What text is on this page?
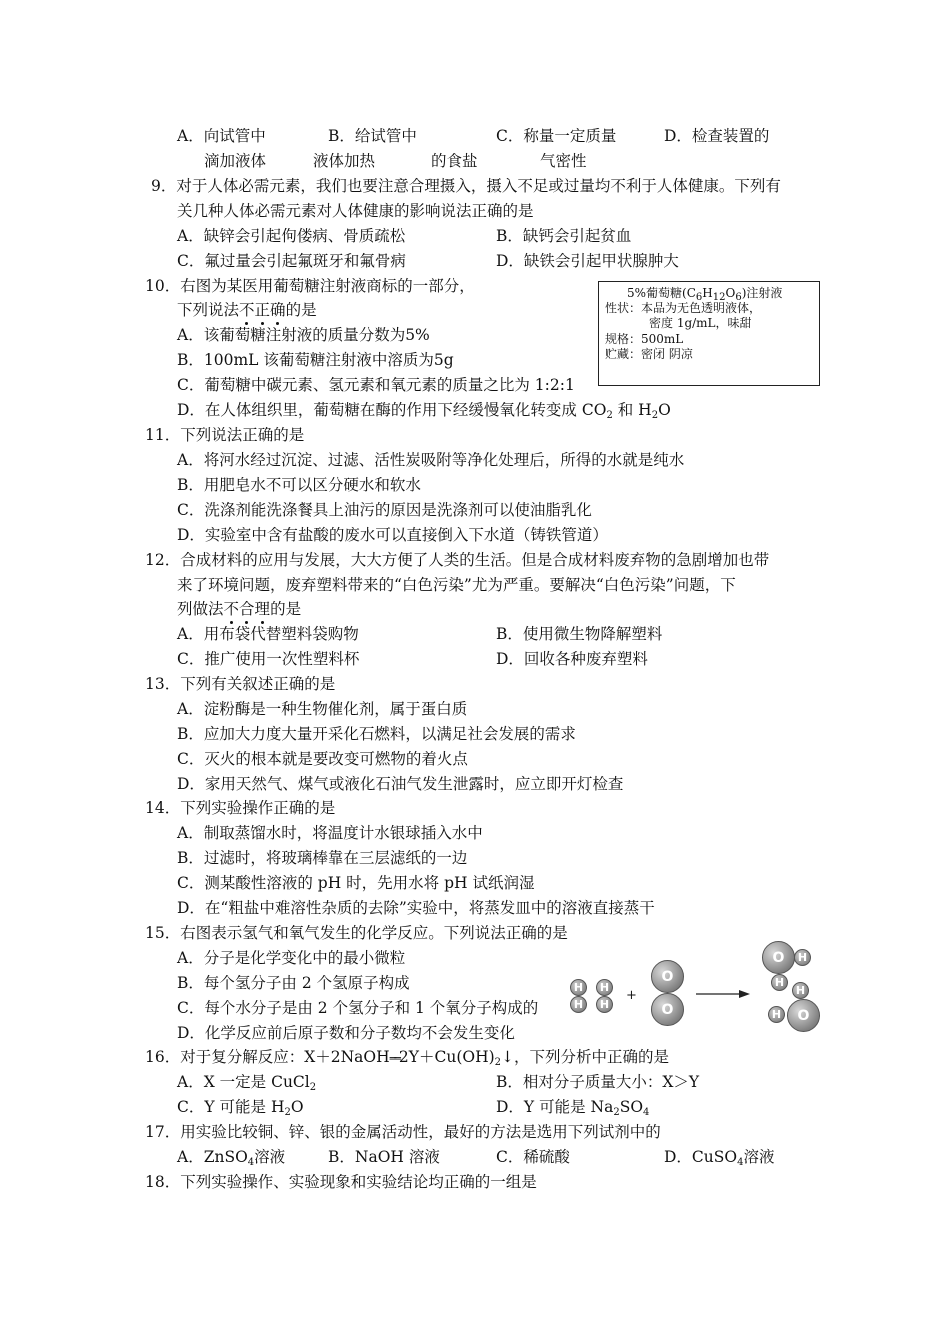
A．向试管中	B．给试管中	C．称量一定质量	D．检查装置的
滴加液体	液体加热	的食盐	气密性
9．对于人体必需元素，我们也要注意合理摄入，摄入不足或过量均不利于人体健康。下列有
关几种人体必需元素对人体健康的影响说法正确的是
A．缺锌会引起佝偻病、骨质疏松	B．缺钙会引起贫血
C．氟过量会引起氟斑牙和氟骨病	D．缺铁会引起甲状腺肿大
10．右图为某医用葡萄糖注射液商标的一部分，
下列说法不正确的是
A．该葡萄糖注射液的质量分数为5%
B．100mL 该葡萄糖注射液中溶质为5g
C．葡萄糖中碳元素、氢元素和氧元素的质量之比为 1:2:1
D．在人体组织里，葡萄糖在酶的作用下经缓慢氧化转变成 $CO_2$ 和 $H_2O$
5%葡萄糖$(C_6H_{12}O_6)$注射液
性状：本品为无色透明液体，
密度 1g/mL，味甜
规格：500mL
贮藏：密闭 阴凉
11．下列说法正确的是
A．将河水经过沉淀、过滤、活性炭吸附等净化处理后，所得的水就是纯水
B．用肥皂水不可以区分硬水和软水
C．洗涤剂能洗涤餐具上油污的原因是洗涤剂可以使油脂乳化
D．实验室中含有盐酸的废水可以直接倒入下水道（铸铁管道）
12．合成材料的应用与发展，大大方便了人类的生活。但是合成材料废弃物的急剧增加也带
来了环境问题，废弃塑料带来的“白色污染”尤为严重。要解决“白色污染”问题，下
列做法不合理的是
A．用布袋代替塑料袋购物	B．使用微生物降解塑料
C．推广使用一次性塑料杯	D．回收各种废弃塑料
13．下列有关叙述正确的是
A．淀粉酶是一种生物催化剂，属于蛋白质
B．应加大力度大量开采化石燃料，以满足社会发展的需求
C．灭火的根本就是要改变可燃物的着火点
D．家用天然气、煤气或液化石油气发生泄露时，应立即开灯检查
14．下列实验操作正确的是
A．制取蒸馏水时，将温度计水银球插入水中
B．过滤时，将玻璃棒靠在三层滤纸的一边
C．测某酸性溶液的 pH 时，先用水将 pH 试纸润湿
D．在“粗盐中难溶性杂质的去除”实验中，将蒸发皿中的溶液直接蒸干
15．右图表示氢气和氧气发生的化学反应。下列说法正确的是
A．分子是化学变化中的最小微粒
B．每个氢分子由 2 个氢原子构成
C．每个水分子是由 2 个氢分子和 1 个氧分子构成的
D．化学反应前后原子数和分子数均不会发生变化
H
H
H
H
+
O
O
O	H
H
H
H	O
16．对于复分解反应：$X+2NaOH══2Y+Cu(OH)_2↓$，下列分析中正确的是
A．X 一定是 CuCl$_2$	B．相对分子质量大小：X＞Y
C．Y 可能是 $H_2O$	D．Y 可能是 $Na_2SO_4$
17．用实验比较铜、锌、银的金属活动性，最好的方法是选用下列试剂中的
A．ZnSO$_4$溶液	B．NaOH 溶液	C．稀硫酸	D．CuSO$_4$溶液
18．下列实验操作、实验现象和实验结论均正确的一组是
